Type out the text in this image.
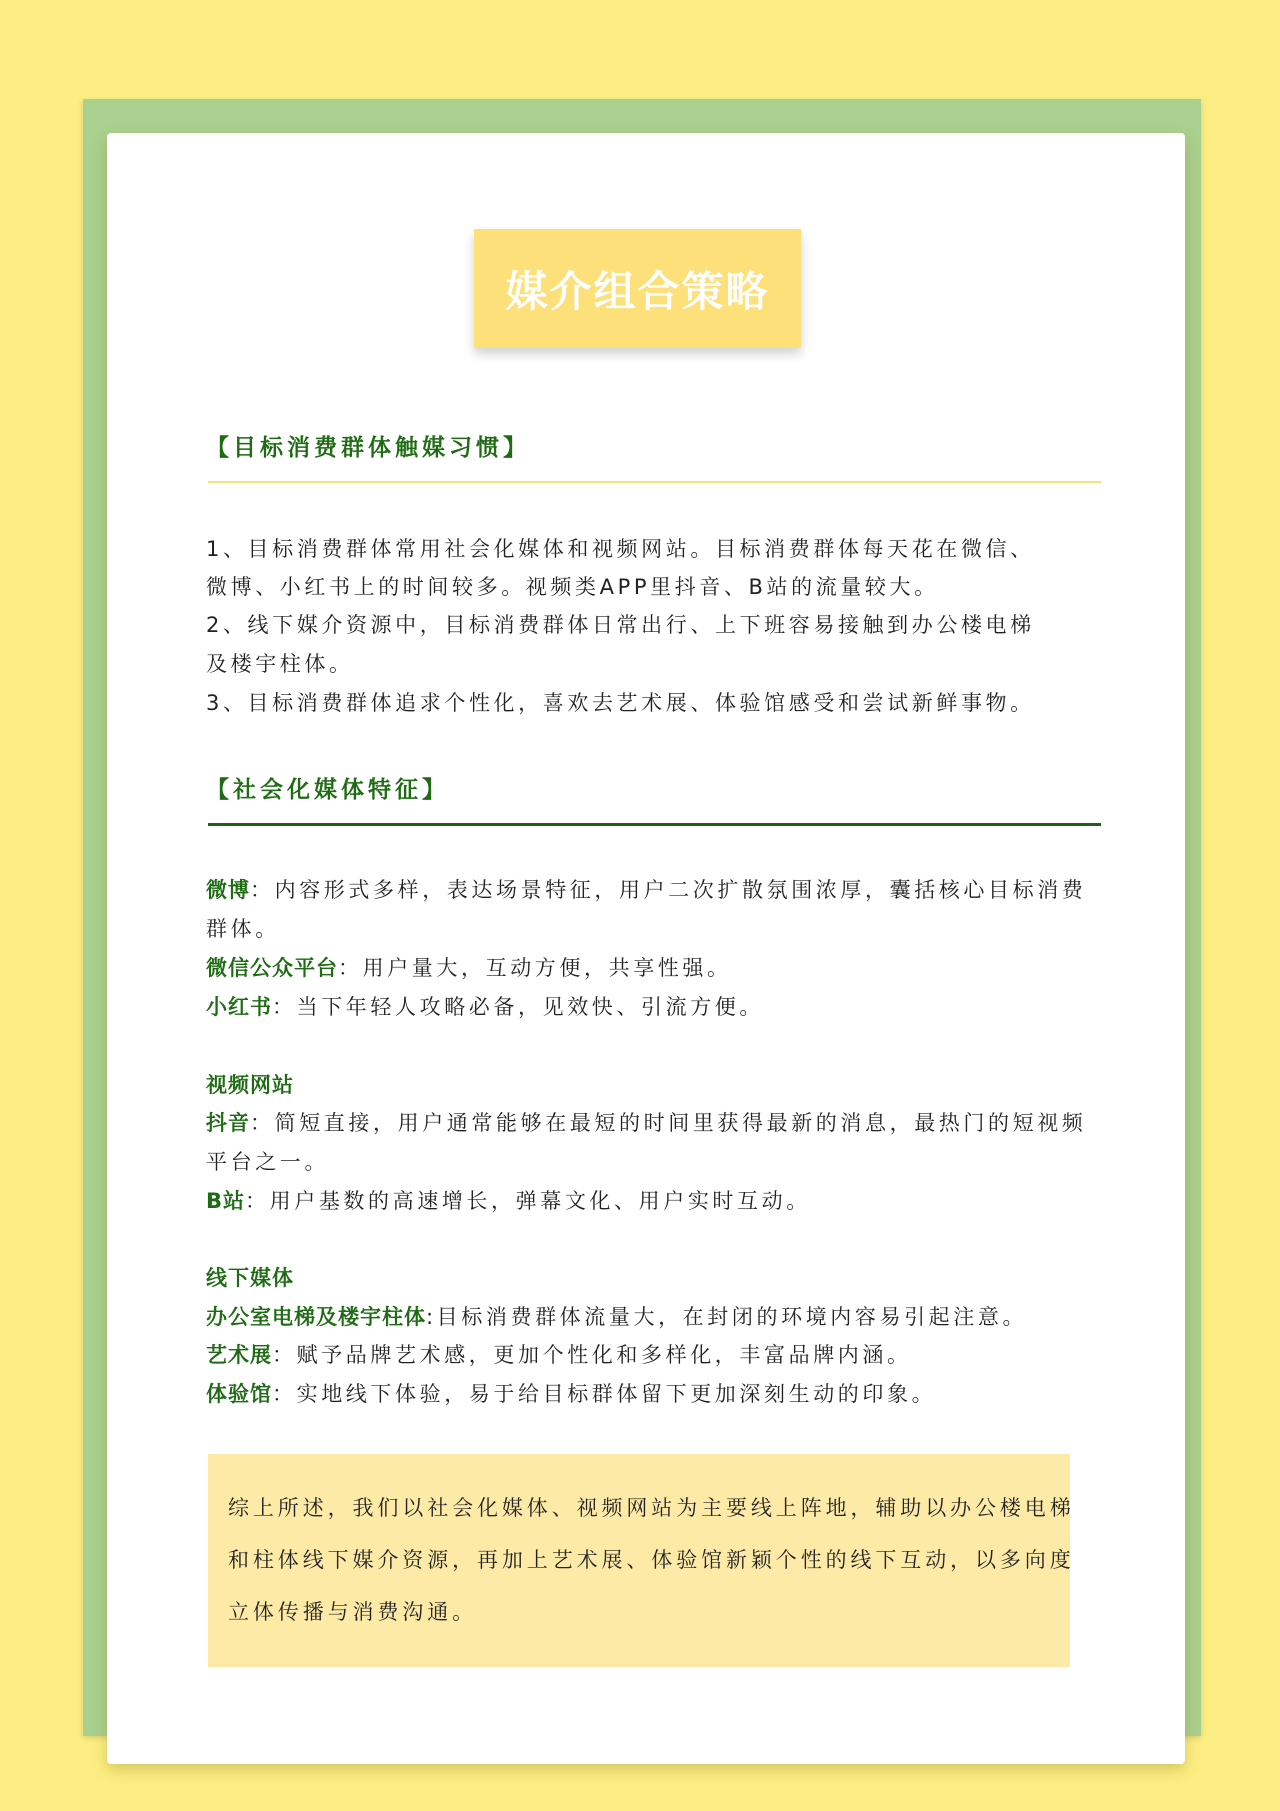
媒介组合策略
【目标消费群体触媒习惯】
1、目标消费群体常用社会化媒体和视频网站。目标消费群体每天花在微信、
微博、小红书上的时间较多。视频类APP里抖音、B站的流量较大。
2、线下媒介资源中，目标消费群体日常出行、上下班容易接触到办公楼电梯
及楼宇柱体。
3、目标消费群体追求个性化，喜欢去艺术展、体验馆感受和尝试新鲜事物。
【社会化媒体特征】
微博：内容形式多样，表达场景特征，用户二次扩散氛围浓厚，囊括核心目标消费
群体。
微信公众平台：用户量大，互动方便，共享性强。
小红书：当下年轻人攻略必备，见效快、引流方便。
视频网站
抖音：简短直接，用户通常能够在最短的时间里获得最新的消息，最热门的短视频
平台之一。
B站：用户基数的高速增长，弹幕文化、用户实时互动。
线下媒体
办公室电梯及楼宇柱体:目标消费群体流量大，在封闭的环境内容易引起注意。
艺术展：赋予品牌艺术感，更加个性化和多样化，丰富品牌内涵。
体验馆：实地线下体验，易于给目标群体留下更加深刻生动的印象。
综上所述，我们以社会化媒体、视频网站为主要线上阵地，辅助以办公楼电梯
和柱体线下媒介资源，再加上艺术展、体验馆新颖个性的线下互动，以多向度
立体传播与消费沟通。
